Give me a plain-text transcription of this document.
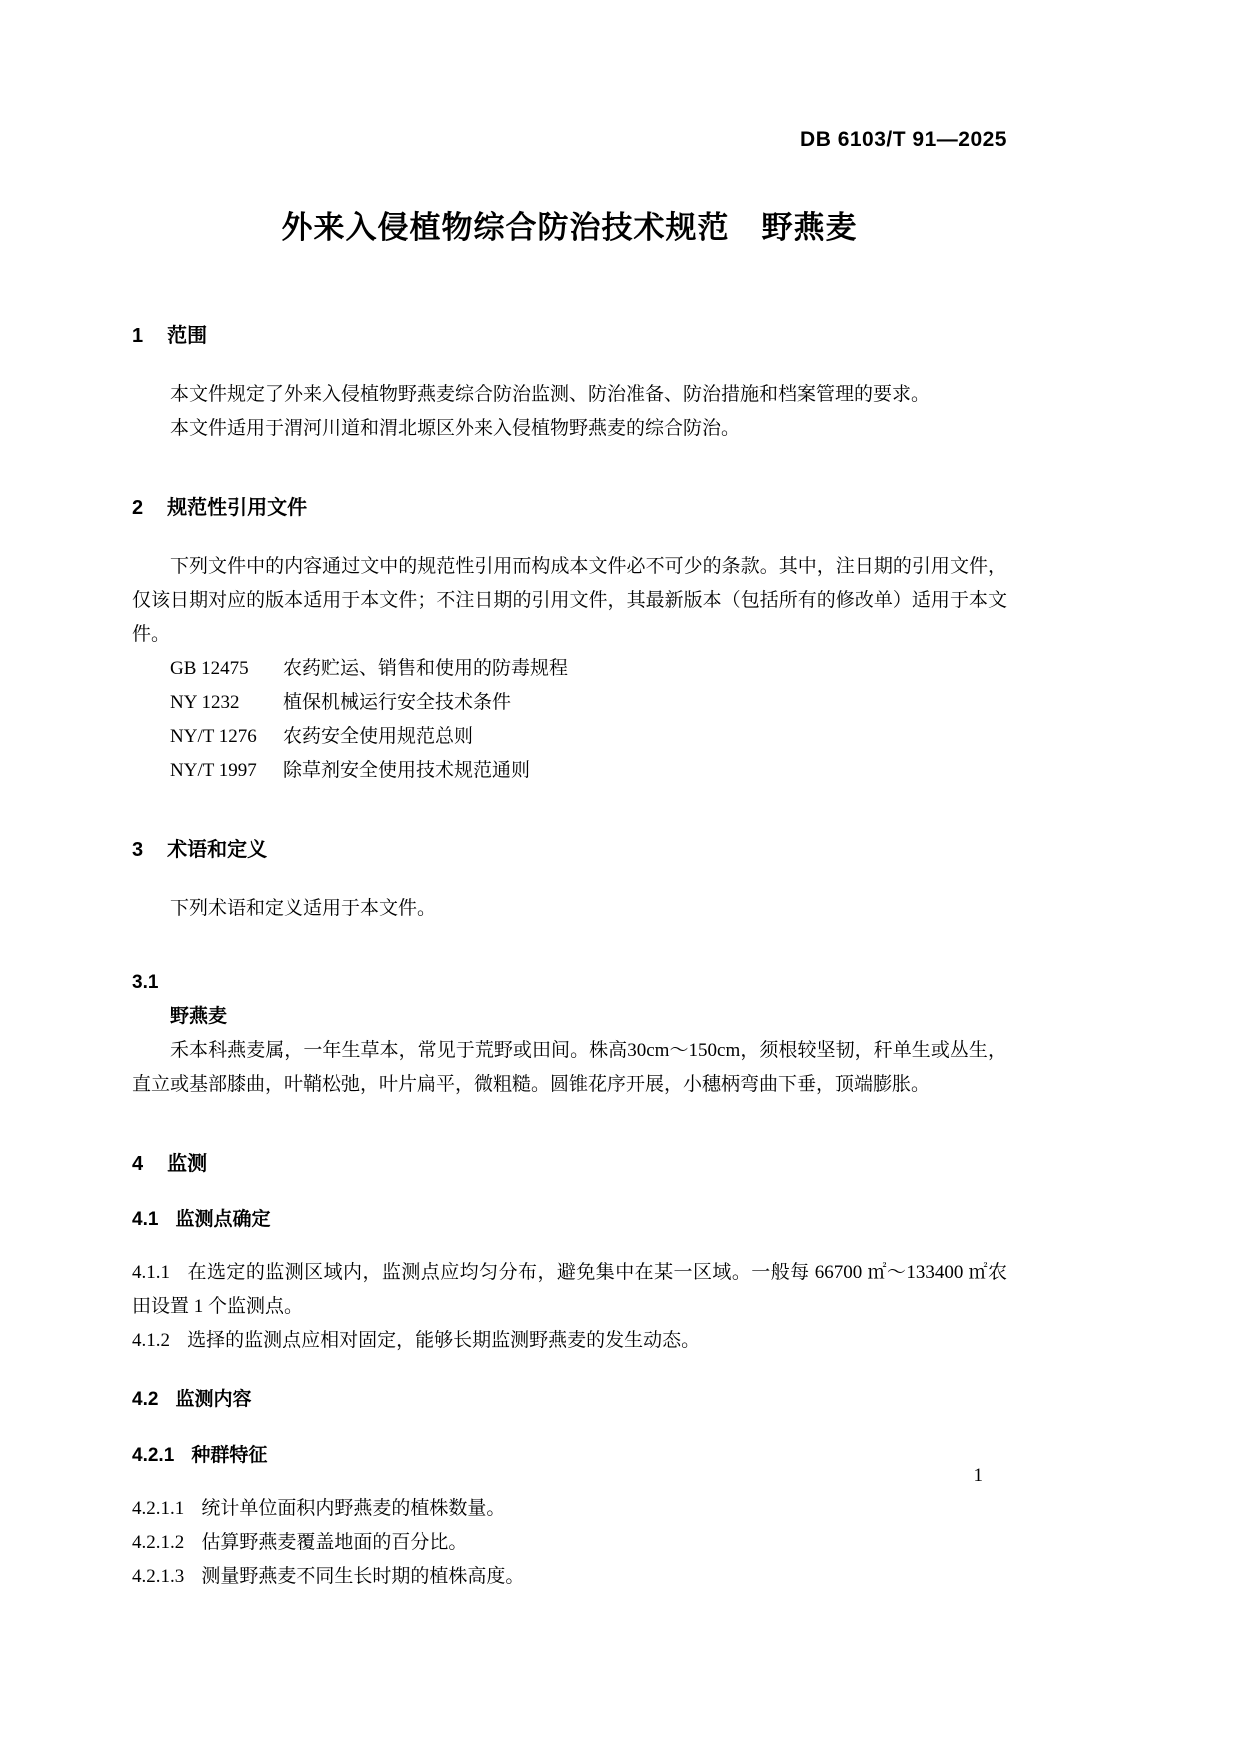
DB 6103/T 91—2025
外来入侵植物综合防治技术规范　野燕麦
1 范围

本文件规定了外来入侵植物野燕麦综合防治监测、防治准备、防治措施和档案管理的要求。

本文件适用于渭河川道和渭北塬区外来入侵植物野燕麦的综合防治。

2 规范性引用文件

下列文件中的内容通过文中的规范性引用而构成本文件必不可少的条款。其中，注日期的引用文件，仅该日期对应的版本适用于本文件；不注日期的引用文件，其最新版本（包括所有的修改单）适用于本文件。

GB 12475 农药贮运、销售和使用的防毒规程
NY 1232 植保机械运行安全技术条件
NY/T 1276 农药安全使用规范总则
NY/T 1997 除草剂安全使用技术规范通则
3 术语和定义

下列术语和定义适用于本文件。

3.1
野燕麦

禾本科燕麦属，一年生草本，常见于荒野或田间。株高30cm～150cm，须根较坚韧，秆单生或丛生，直立或基部膝曲，叶鞘松弛，叶片扁平，微粗糙。圆锥花序开展，小穗柄弯曲下垂，顶端膨胀。

4 监测
4.1 监测点确定

4.1.1 在选定的监测区域内，监测点应均匀分布，避免集中在某一区域。一般每 66700 ㎡～133400 ㎡农田设置 1 个监测点。

4.1.2 选择的监测点应相对固定，能够长期监测野燕麦的发生动态。

4.2 监测内容
4.2.1 种群特征

4.2.1.1 统计单位面积内野燕麦的植株数量。

4.2.1.2 估算野燕麦覆盖地面的百分比。

4.2.1.3 测量野燕麦不同生长时期的植株高度。

1
